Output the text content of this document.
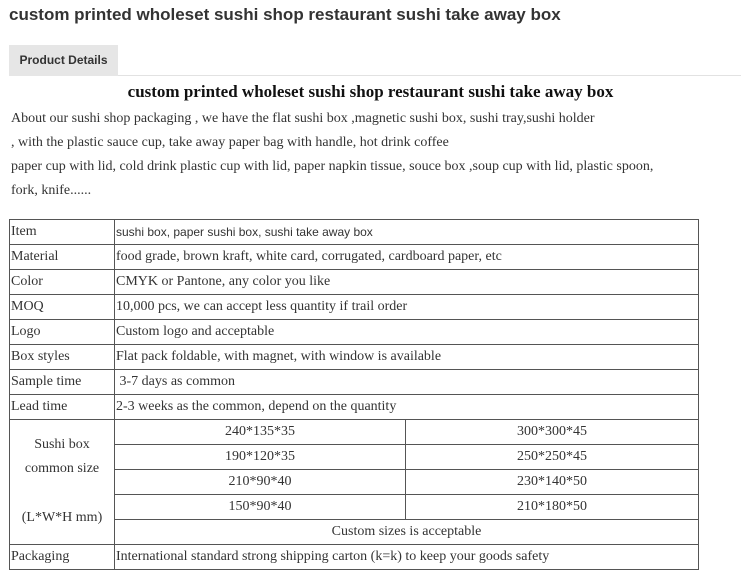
custom printed wholeset sushi shop restaurant sushi take away box
Product Details
custom printed wholeset sushi shop restaurant sushi take away box

About our sushi shop packaging , we have the flat sushi box ,magnetic sushi box, sushi tray,sushi holder
, with the plastic sauce cup, take away paper bag with handle, hot drink coffee
paper cup with lid, cold drink plastic cup with lid, paper napkin tissue, souce box ,soup cup with lid, plastic spoon,
fork, knife......

Item	sushi box, paper sushi box, sushi take away box	
Material	food grade, brown kraft, white card, corrugated, cardboard paper, etc	
Color	CMYK or Pantone, any color you like	
MOQ	10,000 pcs, we can accept less quantity if trail order	
Logo	Custom logo and acceptable	
Box styles	Flat pack foldable, with magnet, with window is available	
Sample time	3-7 days as common	
Lead time	2-3 weeks as the common, depend on the quantity	

Sushi box
common size
(L*W*H mm)	240*135*35	300*300*45
	190*120*35	250*250*45
	210*90*40	230*140*50
	150*90*40	210*180*50
	Custom sizes is acceptable	
Packaging	International standard strong shipping carton (k=k) to keep your goods safety	
